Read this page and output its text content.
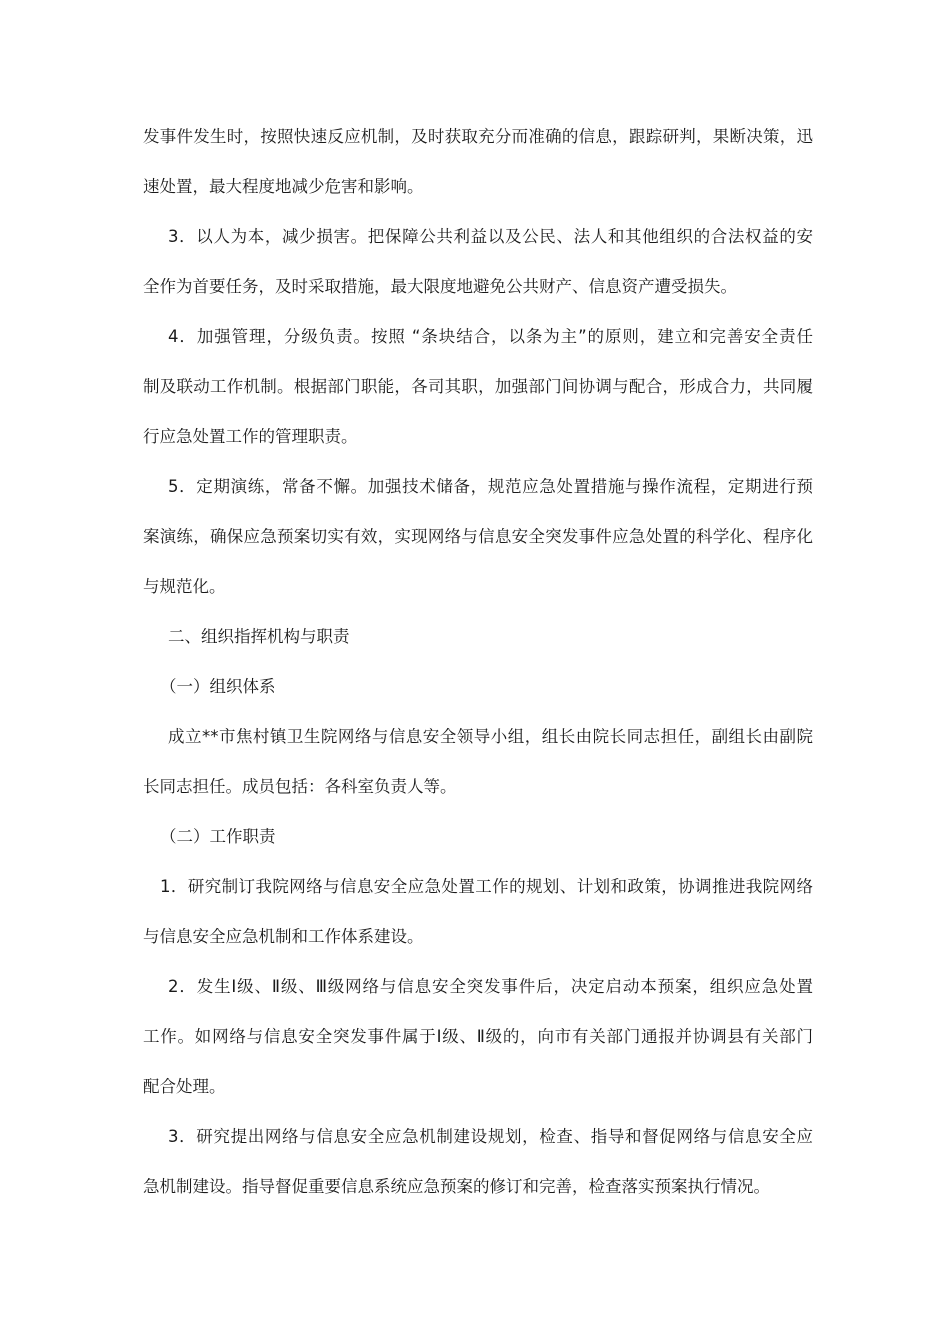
发事件发生时，按照快速反应机制，及时获取充分而准确的信息，跟踪研判，果断决策，迅
速处置，最大程度地减少危害和影响。
3．以人为本，减少损害。把保障公共利益以及公民、法人和其他组织的合法权益的安
全作为首要任务，及时采取措施，最大限度地避免公共财产、信息资产遭受损失。
4．加强管理，分级负责。按照 “条块结合，以条为主”的原则，建立和完善安全责任
制及联动工作机制。根据部门职能，各司其职，加强部门间协调与配合，形成合力，共同履
行应急处置工作的管理职责。
5．定期演练，常备不懈。加强技术储备，规范应急处置措施与操作流程，定期进行预
案演练，确保应急预案切实有效，实现网络与信息安全突发事件应急处置的科学化、程序化
与规范化。
二、组织指挥机构与职责
（一）组织体系
成立**市焦村镇卫生院网络与信息安全领导小组，组长由院长同志担任，副组长由副院
长同志担任。成员包括：各科室负责人等。
（二）工作职责
1．研究制订我院网络与信息安全应急处置工作的规划、计划和政策，协调推进我院网络
与信息安全应急机制和工作体系建设。
2．发生Ⅰ级、Ⅱ级、Ⅲ级网络与信息安全突发事件后，决定启动本预案，组织应急处置
工作。如网络与信息安全突发事件属于Ⅰ级、Ⅱ级的，向市有关部门通报并协调县有关部门
配合处理。
3．研究提出网络与信息安全应急机制建设规划，检查、指导和督促网络与信息安全应
急机制建设。指导督促重要信息系统应急预案的修订和完善，检查落实预案执行情况。
